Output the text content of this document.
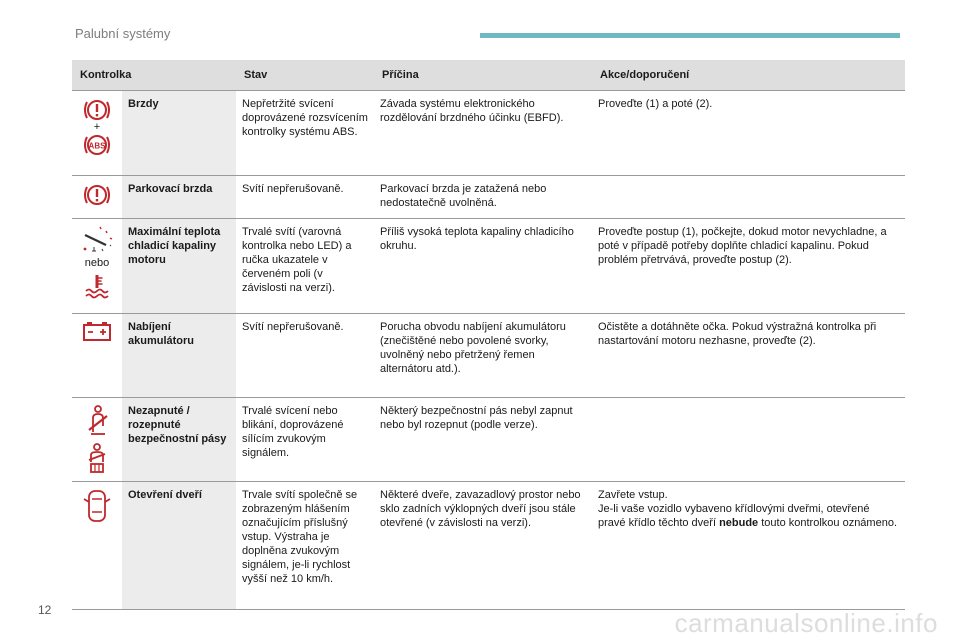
Palubní systémy
Kontrolka		Stav	Příčina	Akce/doporučení

+
ABS	Brzdy	Nepřetržité svícení doprovázené rozsvícením kontrolky systému ABS.	Závada systému elektronického rozdělování brzdného účinku (EBFD).	Proveďte (1) a poté (2).

	Parkovací brzda	Svítí nepřerušovaně.	Parkovací brzda je zatažená nebo nedostatečně uvolněná.	

nebo	Maximální teplota chladicí kapaliny motoru	Trvalé svítí (varovná kontrolka nebo LED) a ručka ukazatele v červeném poli (v závislosti na verzi).	Příliš vysoká teplota kapaliny chladicího okruhu.	Proveďte postup (1), počkejte, dokud motor nevychladne, a poté v případě potřeby doplňte chladicí kapalinu. Pokud problém přetrvává, proveďte postup (2).

	Nabíjení akumulátoru	Svítí nepřerušovaně.	Porucha obvodu nabíjení akumulátoru (znečištěné nebo povolené svorky, uvolněný nebo přetržený řemen alternátoru atd.).	Očistěte a dotáhněte očka. Pokud výstražná kontrolka při nastartování motoru nezhasne, proveďte (2).

	Nezapnuté / rozepnuté bezpečnostní pásy	Trvalé svícení nebo blikání, doprovázené sílícím zvukovým signálem.	Některý bezpečnostní pás nebyl zapnut nebo byl rozepnut (podle verze).	

	Otevření dveří	Trvale svítí společně se zobrazeným hlášením označujícím příslušný vstup. Výstraha je doplněna zvukovým signálem, je-li rychlost vyšší než 10 km/h.	Některé dveře, zavazadlový prostor nebo sklo zadních výklopných dveří jsou stále otevřené (v závislosti na verzi).	Zavřete vstup.
Je-li vaše vozidlo vybaveno křídlovými dveřmi, otevřené pravé křídlo těchto dveří nebude touto kontrolkou oznámeno.
12	carmanualsonline.info
